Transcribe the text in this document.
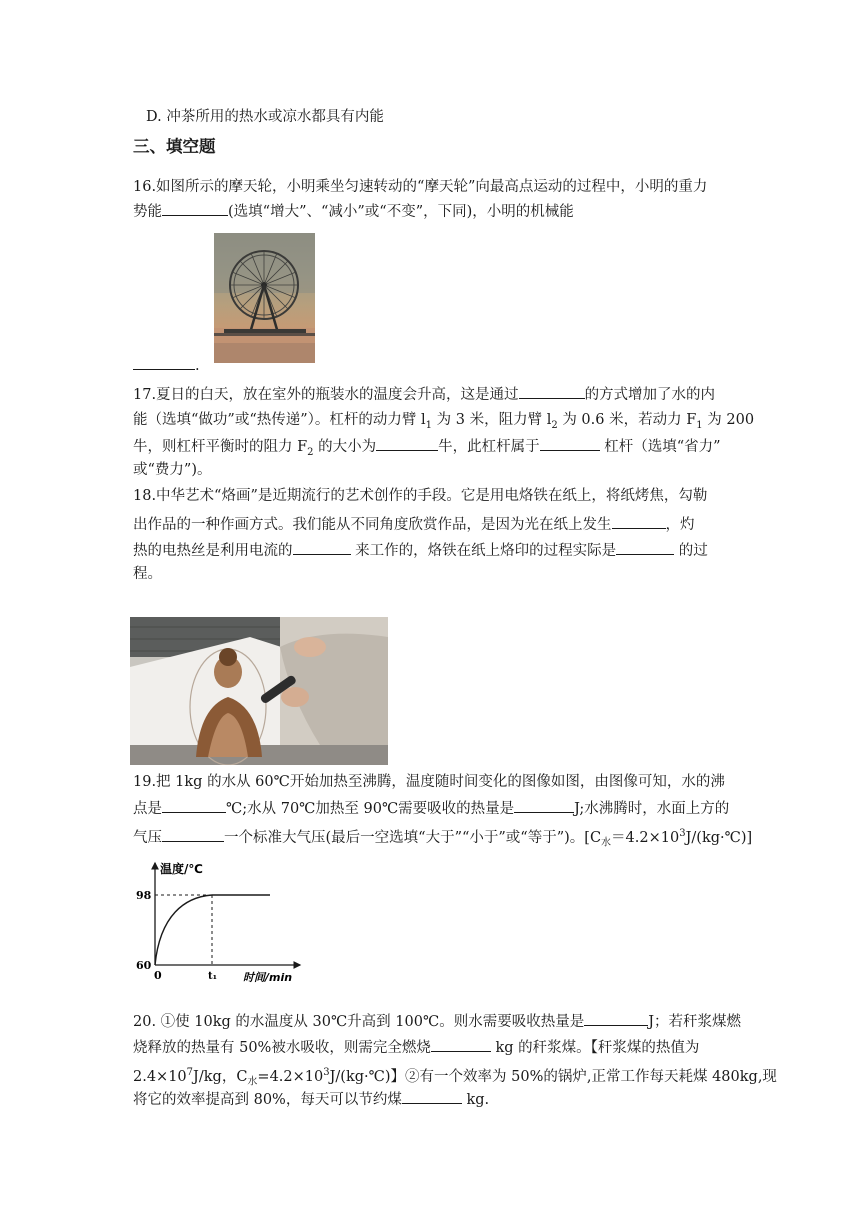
D. 冲茶所用的热水或凉水都具有内能
三、填空题
16.如图所示的摩天轮，小明乘坐匀速转动的“摩天轮”向最高点运动的过程中，小明的重力
势能	(选填“增大”、“减小”或“不变”，下同)，小明的机械能
.
17.夏日的白天，放在室外的瓶装水的温度会升高，这是通过	的方式增加了水的内
能（选填“做功”或“热传递”）。杠杆的动力臂 $l_1$ 为 3 米，阻力臂 $l_2$ 为 0.6 米，若动力 $F_1$ 为 200
牛，则杠杆平衡时的阻力 $F_2$ 的大小为	牛，此杠杆属于	杠杆（选填“省力”
或“费力”)。
18.中华艺术“烙画”是近期流行的艺术创作的手段。它是用电烙铁在纸上，将纸烤焦，勾勒
出作品的一种作画方式。我们能从不同角度欣赏作品，是因为光在纸上发生	，灼
热的电热丝是利用电流的	来工作的，烙铁在纸上烙印的过程实际是	的过
程。
19.把 1kg 的水从 60℃开始加热至沸腾，温度随时间变化的图像如图，由图像可知，水的沸
点是	℃;水从 70℃加热至 90℃需要吸收的热量是	J;水沸腾时，水面上方的
气压	一个标准大气压(最后一空选填“大于”“小于”或“等于”)。$[C_水=4.2\times 10^3J/(kg\cdot℃)]$
温度/℃
时间/min
98
60
0	t₁
20. ①使 10kg 的水温度从 30℃升高到 100℃。则水需要吸收热量是	J；若秆浆煤燃
烧释放的热量有 50%被水吸收，则需完全燃烧	kg 的秆浆煤。【秆浆煤的热值为
$2.4\times 10^7J/kg$，$C_水=4.2\times 10^3J/(kg\cdot℃)$】②有一个效率为 50%的锅炉,正常工作每天耗煤 480kg,现
将它的效率提高到 80%，每天可以节约煤	kg.
